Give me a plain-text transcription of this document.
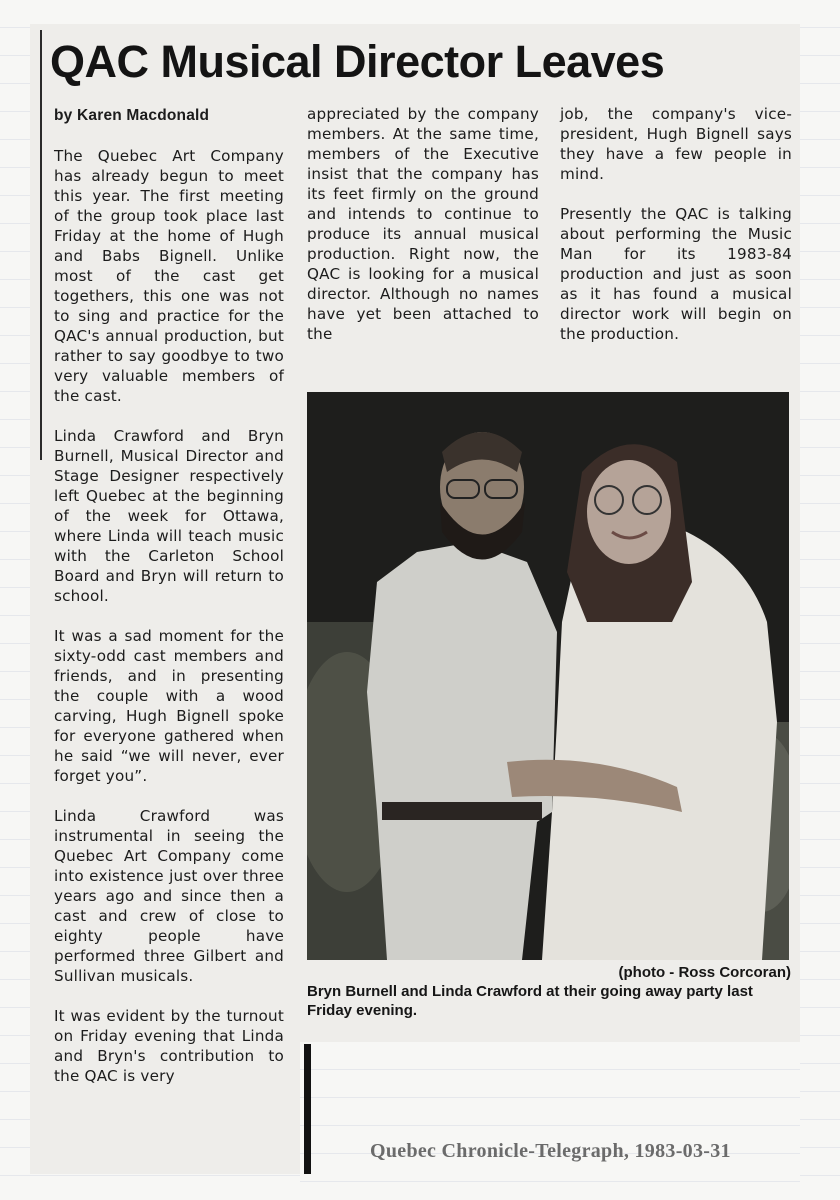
QAC Musical Director Leaves

by Karen Macdonald

The Quebec Art Company has already begun to meet this year. The first meeting of the group took place last Friday at the home of Hugh and Babs Bignell. Unlike most of the cast get togethers, this one was not to sing and practice for the QAC's annual production, but rather to say goodbye to two very valuable members of the cast.

Linda Crawford and Bryn Burnell, Musical Director and Stage Designer respectively left Quebec at the beginning of the week for Ottawa, where Linda will teach music with the Carleton School Board and Bryn will return to school.

It was a sad moment for the sixty-odd cast members and friends, and in presenting the couple with a wood carving, Hugh Bignell spoke for everyone gathered when he said “we will never, ever forget you”.

Linda Crawford was instrumental in seeing the Quebec Art Company come into existence just over three years ago and since then a cast and crew of close to eighty people have performed three Gilbert and Sullivan musicals.

It was evident by the turnout on Friday evening that Linda and Bryn's contribution to the QAC is very

appreciated by the company members. At the same time, members of the Executive insist that the company has its feet firmly on the ground and intends to continue to produce its annual musical production. Right now, the QAC is looking for a musical director. Although no names have yet been attached to the

job, the company's vice-president, Hugh Bignell says they have a few people in mind.

Presently the QAC is talking about performing the Music Man for its 1983-84 production and just as soon as it has found a musical director work will begin on the production.

(photo - Ross Corcoran)
Bryn Burnell and Linda Crawford at their going away party last Friday evening.
Quebec Chronicle-Telegraph, 1983-03-31
